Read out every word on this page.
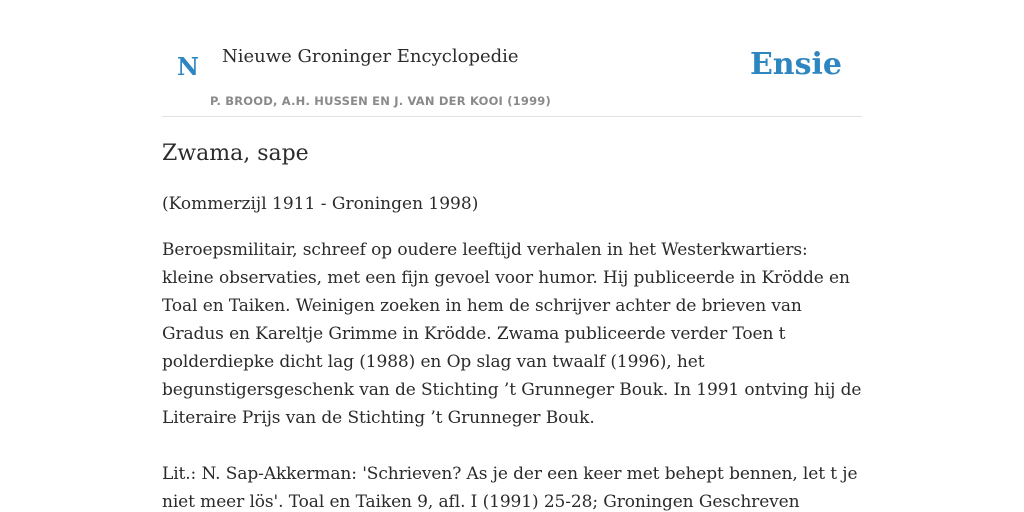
N Nieuwe Groninger Encyclopedie
P. BROOD, A.H. HUSSEN EN J. VAN DER KOOI (1999)
Ensie
Zwama, sape

(Kommerzijl 1911 - Groningen 1998)

Beroepsmilitair, schreef op oudere leeftijd verhalen in het Westerkwartiers: kleine observaties, met een fijn gevoel voor humor. Hij publiceerde in Krödde en Toal en Taiken. Weinigen zoeken in hem de schrijver achter de brieven van Gradus en Kareltje Grimme in Krödde. Zwama publiceerde verder Toen t polderdiepke dicht lag (1988) en Op slag van twaalf (1996), het begunstigersgeschenk van de Stichting ’t Grunneger Bouk. In 1991 ontving hij de Literaire Prijs van de Stichting ’t Grunneger Bouk.

Lit.: N. Sap-Akkerman: 'Schrieven? As je der een keer met behept bennen, let t je niet meer lös'. Toal en Taiken 9, afl. I (1991) 25-28; Groningen Geschreven
